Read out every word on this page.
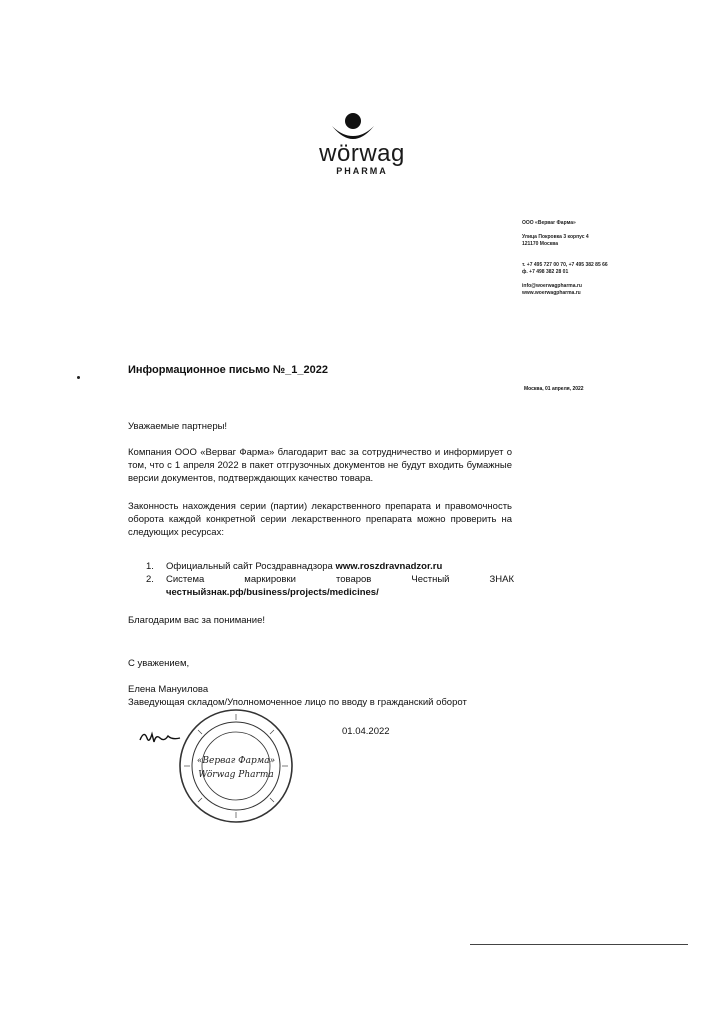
wörwag
PHARMA
ООО «Верваг Фарма»
Улица Покровка 3 корпус 4
121170 Москва
т. +7 495 727 00 70, +7 495 382 85 66
ф. +7 498 382 28 01
info@woerwagpharma.ru
www.woerwagpharma.ru
Информационное письмо №_1_2022
Москва, 01 апреля, 2022
Уважаемые партнеры!
Компания ООО «Верваг Фарма» благодарит вас за сотрудничество и информирует о том, что с 1 апреля 2022 в пакет отгрузочных документов не будут входить бумажные версии документов, подтверждающих качество товара.
Законность нахождения серии (партии) лекарственного препарата и правомочность оборота каждой конкретной серии лекарственного препарата можно проверить на следующих ресурсах:
1. Официальный сайт Росздравнадзора www.roszdravnadzor.ru
2. Система маркировки товаров Честный ЗНАК
честныйзнак.рф/business/projects/medicines/
Благодарим вас за понимание!
С уважением,
Елена Мануилова
Заведующая складом/Уполномоченное лицо по вводу в гражданский оборот
01.04.2022
«Верваг Фарма»
Wörwag Pharma
